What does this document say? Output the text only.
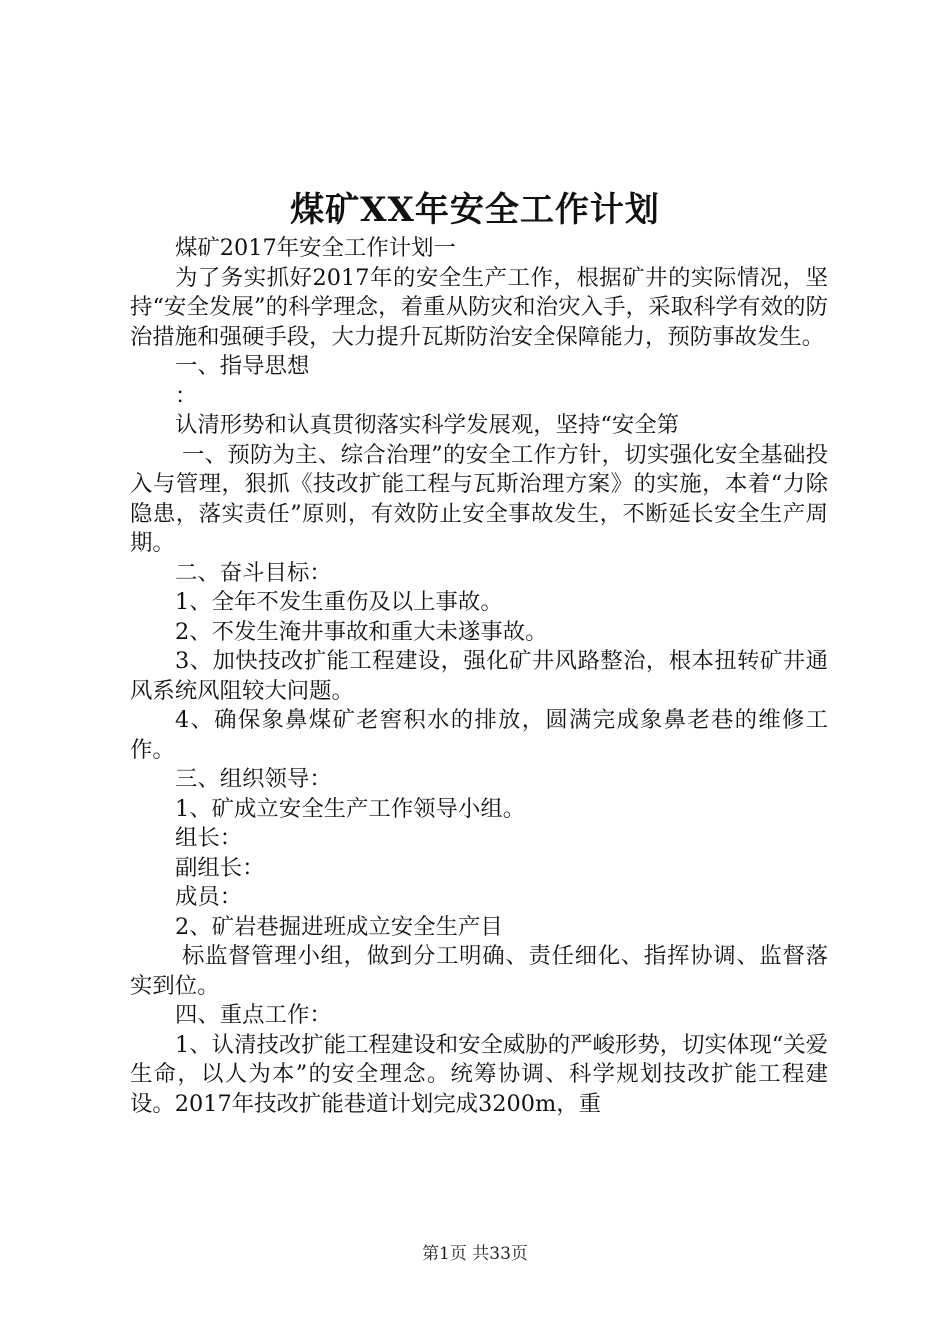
煤矿XX年安全工作计划

煤矿2017年安全工作计划一

为了务实抓好2017年的安全生产工作，根据矿井的实际情况，坚持“安全发展”的科学理念，着重从防灾和治灾入手，采取科学有效的防治措施和强硬手段，大力提升瓦斯防治安全保障能力，预防事故发生。

一、指导思想

：

认清形势和认真贯彻落实科学发展观，坚持“安全第

一、预防为主、综合治理”的安全工作方针，切实强化安全基础投入与管理，狠抓《技改扩能工程与瓦斯治理方案》的实施，本着“力除隐患，落实责任”原则，有效防止安全事故发生，不断延长安全生产周期。

二、奋斗目标：

1、全年不发生重伤及以上事故。

2、不发生淹井事故和重大未遂事故。

3、加快技改扩能工程建设，强化矿井风路整治，根本扭转矿井通风系统风阻较大问题。

4、确保象鼻煤矿老窖积水的排放，圆满完成象鼻老巷的维修工作。

三、组织领导：

1、矿成立安全生产工作领导小组。

组长：

副组长：

成员：

2、矿岩巷掘进班成立安全生产目

标监督管理小组，做到分工明确、责任细化、指挥协调、监督落实到位。

四、重点工作：

1、认清技改扩能工程建设和安全威胁的严峻形势，切实体现“关爱生命，以人为本”的安全理念。统筹协调、科学规划技改扩能工程建设。2017年技改扩能巷道计划完成3200m，重

第1页 共33页
